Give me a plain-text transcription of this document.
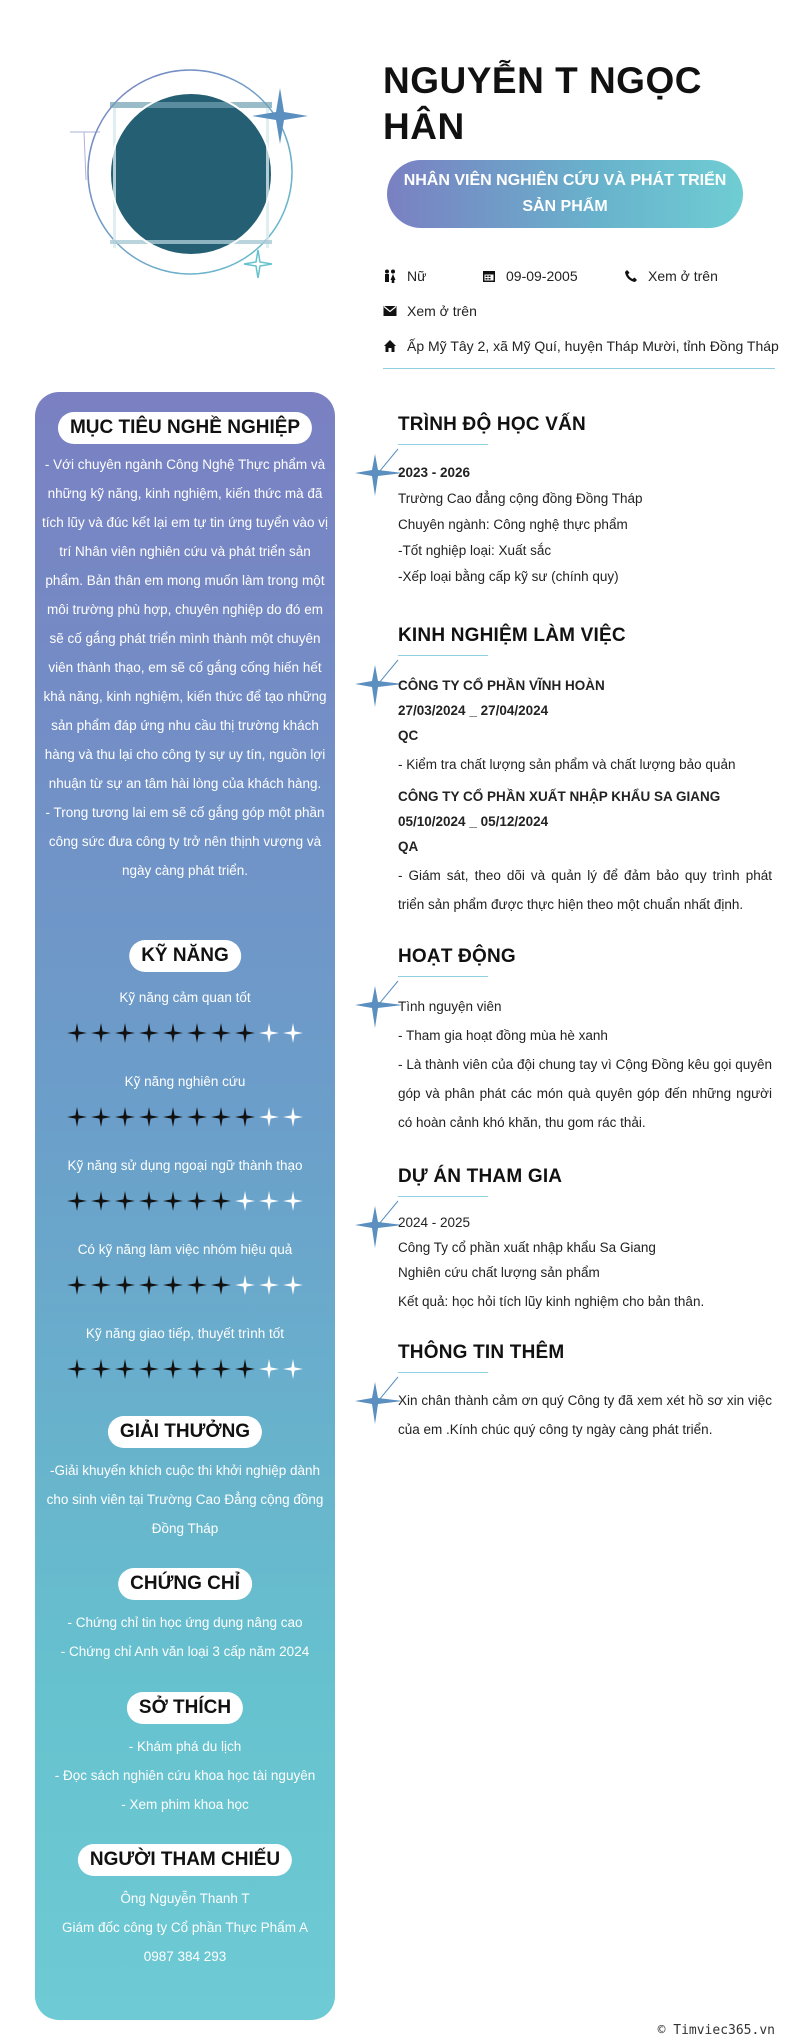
NGUYỄN T NGỌC HÂN
NHÂN VIÊN NGHIÊN CỨU VÀ PHÁT TRIỂN SẢN PHẨM
Nữ	09-09-2005	Xem ở trên
Xem ở trên
Ấp Mỹ Tây 2, xã Mỹ Quí, huyện Tháp Mười, tỉnh Đồng Tháp
MỤC TIÊU NGHỀ NGHIỆP
- Với chuyên ngành Công Nghệ Thực phẩm và những kỹ năng, kinh nghiệm, kiến thức mà đã tích lũy và đúc kết lại em tự tin ứng tuyển vào vị trí Nhân viên nghiên cứu và phát triển sản phẩm. Bản thân em mong muốn làm trong một môi trường phù hợp, chuyên nghiệp do đó em sẽ cố gắng phát triển mình thành một chuyên viên thành thạo, em sẽ cố gắng cống hiến hết khả năng, kinh nghiệm, kiến thức để tạo những sản phẩm đáp ứng nhu cầu thị trường khách hàng và thu lại cho công ty sự uy tín, nguồn lợi nhuận từ sự an tâm hài lòng của khách hàng.
- Trong tương lai em sẽ cố gắng góp một phần công sức đưa công ty trở nên thịnh vượng và ngày càng phát triển.
KỸ NĂNG
GIẢI THƯỞNG
-Giải khuyến khích cuộc thi khởi nghiệp dành cho sinh viên tại Trường Cao Đẳng cộng đồng Đồng Tháp
CHỨNG CHỈ
- Chứng chỉ tin học ứng dụng nâng cao
- Chứng chỉ Anh văn loại 3 cấp năm 2024
SỞ THÍCH
- Khám phá du lịch
- Đọc sách nghiên cứu khoa học tài nguyên
- Xem phim khoa học
NGƯỜI THAM CHIẾU
Ông Nguyễn Thanh T
Giám đốc công ty Cổ phần Thực Phẩm A
0987 384 293
Kỹ năng cảm quan tốt
Kỹ năng nghiên cứu
Kỹ năng sử dụng ngoại ngữ thành thạo
Có kỹ năng làm việc nhóm hiệu quả
Kỹ năng giao tiếp, thuyết trình tốt
TRÌNH ĐỘ HỌC VẤN
2023 - 2026
Trường Cao đẳng cộng đồng Đồng Tháp
Chuyên ngành: Công nghệ thực phẩm
-Tốt nghiệp loại: Xuất sắc
-Xếp loại bằng cấp kỹ sư (chính quy)
KINH NGHIỆM LÀM VIỆC
CÔNG TY CỔ PHẦN VĨNH HOÀN
27/03/2024 _ 27/04/2024
QC
- Kiểm tra chất lượng sản phẩm và chất lượng bảo quản
CÔNG TY CỔ PHẦN XUẤT NHẬP KHẨU SA GIANG
05/10/2024 _ 05/12/2024
QA
- Giám sát, theo dõi và quản lý để đảm bảo quy trình phát triển sản phẩm được thực hiện theo một chuẩn nhất định.
HOẠT ĐỘNG
Tình nguyện viên
- Tham gia hoạt đồng mùa hè xanh
- Là thành viên của đội chung tay vì Cộng Đồng kêu gọi quyên góp và phân phát các món quà quyên góp đến những người có hoàn cảnh khó khăn, thu gom rác thải.
DỰ ÁN THAM GIA
2024 - 2025
Công Ty cổ phần xuất nhập khẩu Sa Giang
Nghiên cứu chất lượng sản phẩm
Kết quả: học hỏi tích lũy kinh nghiệm cho bản thân.
THÔNG TIN THÊM
Xin chân thành cảm ơn quý Công ty đã xem xét hồ sơ xin việc của em .Kính chúc quý công ty ngày càng phát triển.
© Timviec365.vn
